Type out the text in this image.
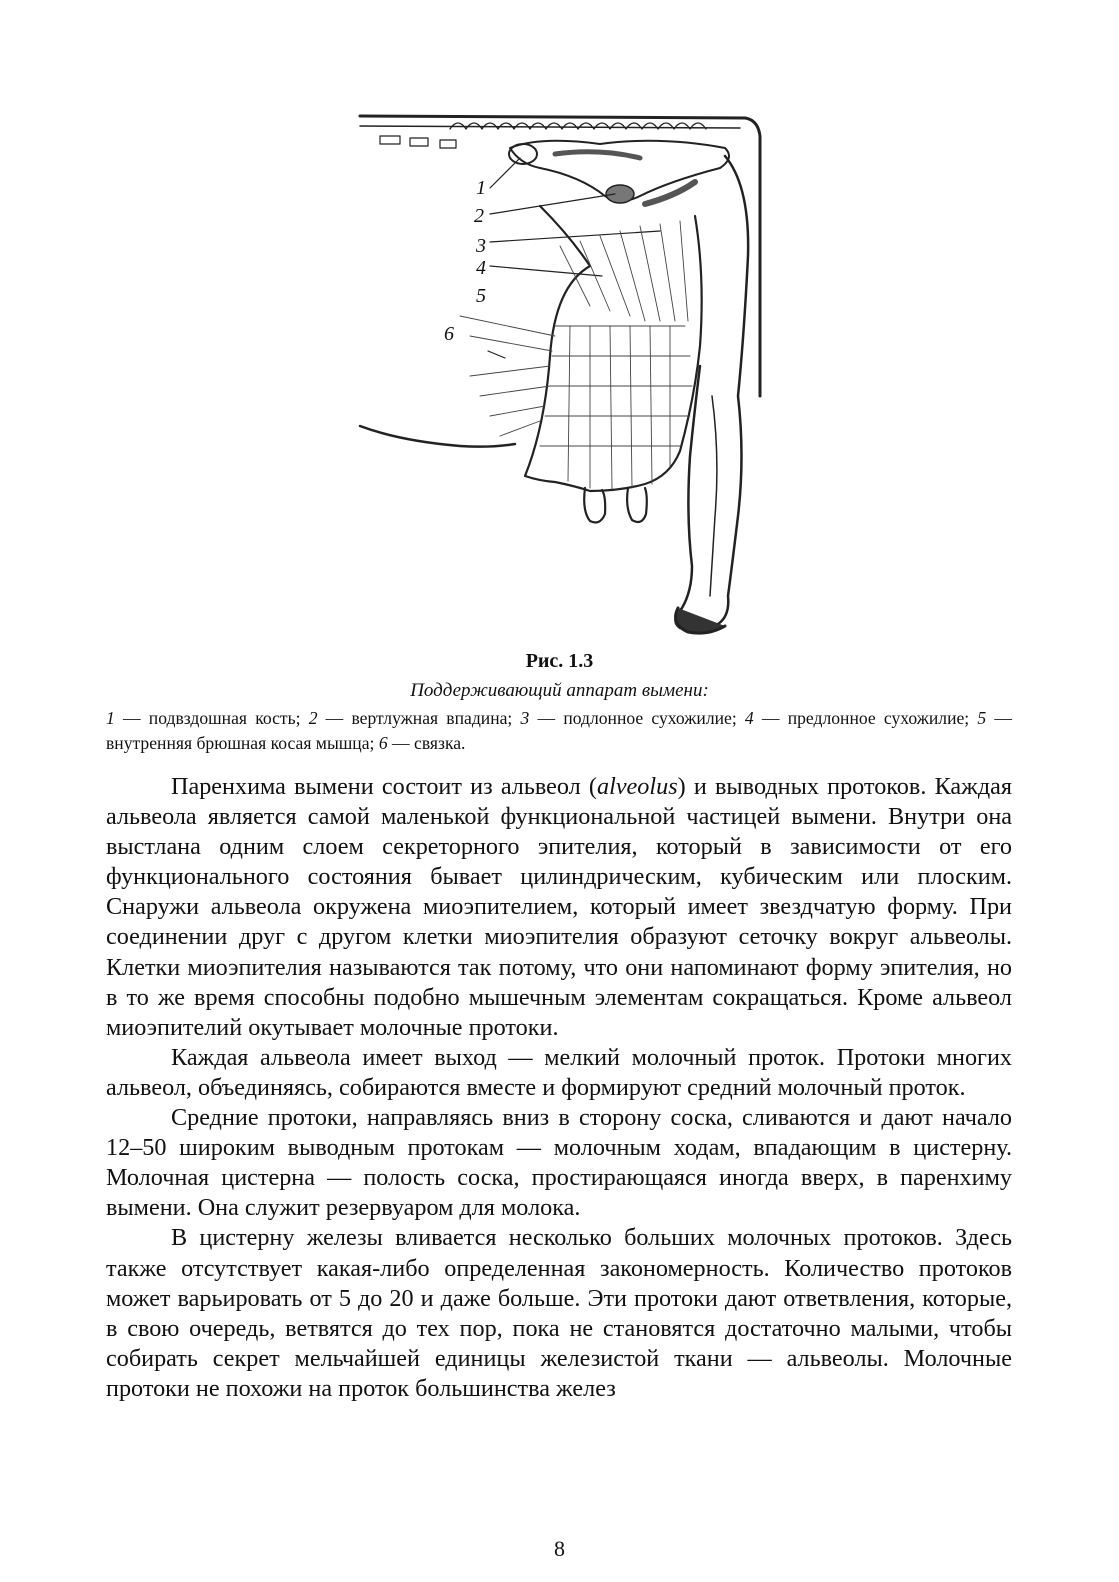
1
2
3
4
5
6
Рис. 1.3
Поддерживающий аппарат вымени:
1 — подвздошная кость; 2 — вертлужная впадина; 3 — подлонное сухожилие; 4 — предлонное сухожилие; 5 — внутренняя брюшная косая мышца; 6 — связка.

Паренхима вымени состоит из альвеол (alveolus) и выводных протоков. Каждая альвеола является самой маленькой функциональной частицей вымени. Внутри она выстлана одним слоем секреторного эпителия, который в зависимости от его функционального состояния бывает цилиндрическим, кубическим или плоским. Снаружи альвеола окружена миоэпителием, который имеет звездчатую форму. При соединении друг с другом клетки миоэпителия образуют сеточку вокруг альвеолы. Клетки миоэпителия называются так потому, что они напоминают форму эпителия, но в то же время способны подобно мышечным элементам сокращаться. Кроме альвеол миоэпителий окутывает молочные протоки.

Каждая альвеола имеет выход — мелкий молочный проток. Протоки многих альвеол, объединяясь, собираются вместе и формируют средний молочный проток.

Средние протоки, направляясь вниз в сторону соска, сливаются и дают начало 12–50 широким выводным протокам — молочным ходам, впадающим в цистерну. Молочная цистерна — полость соска, простирающаяся иногда вверх, в паренхиму вымени. Она служит резервуаром для молока.

В цистерну железы вливается несколько больших молочных протоков. Здесь также отсутствует какая-либо определенная закономерность. Количество протоков может варьировать от 5 до 20 и даже больше. Эти протоки дают ответвления, которые, в свою очередь, ветвятся до тех пор, пока не становятся достаточно малыми, чтобы собирать секрет мельчайшей единицы железистой ткани — альвеолы. Молочные протоки не похожи на проток большинства желез

8
